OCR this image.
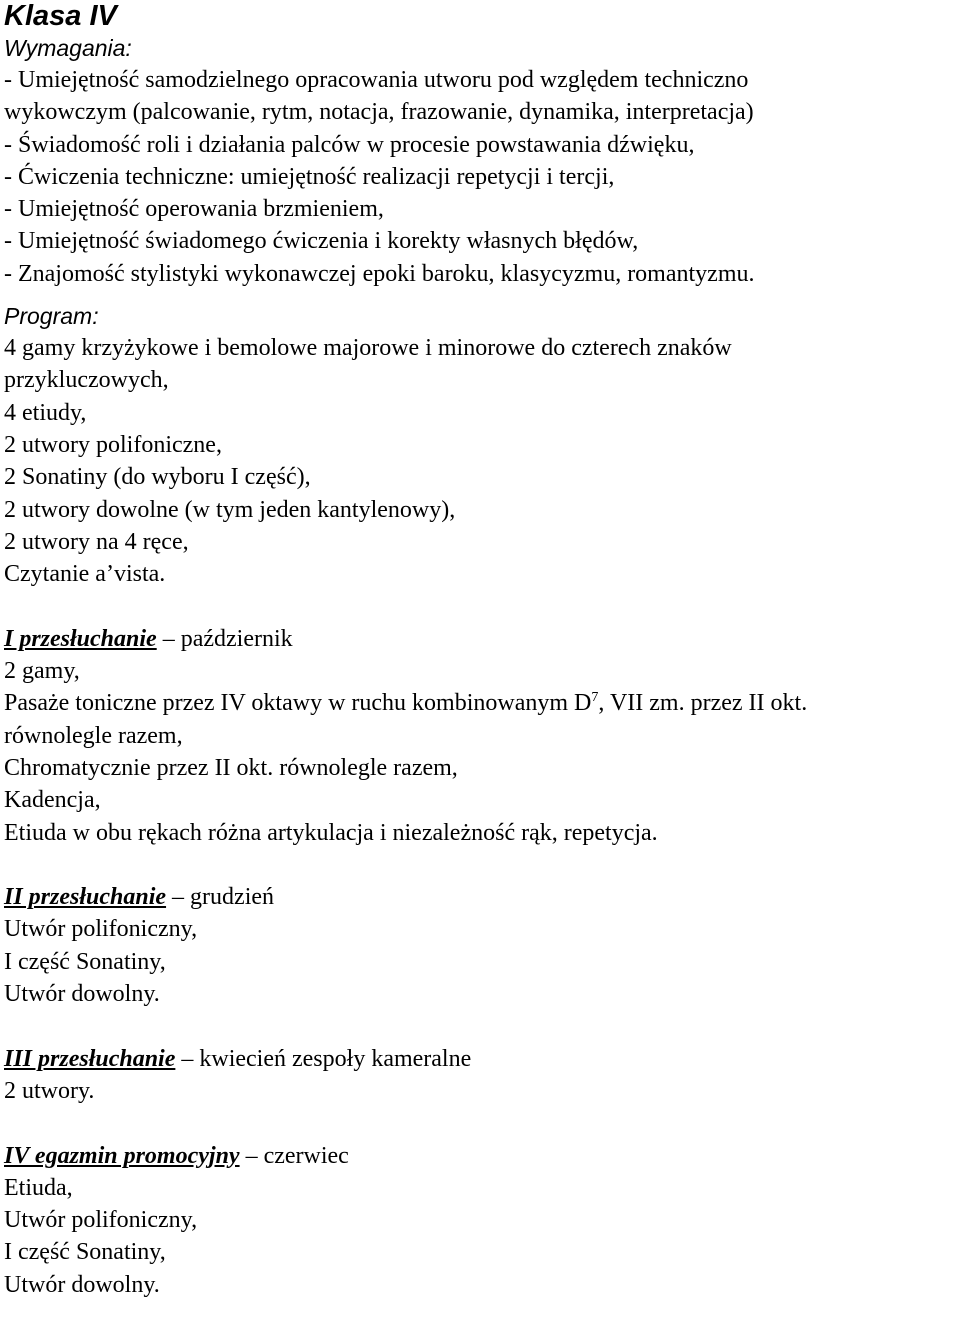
Klasa IV
Wymagania:
- Umiejętność samodzielnego opracowania utworu pod względem techniczno
wykowczym (palcowanie, rytm, notacja, frazowanie, dynamika, interpretacja)
- Świadomość roli i działania palców w procesie powstawania dźwięku,
- Ćwiczenia techniczne: umiejętność realizacji repetycji i tercji,
- Umiejętność operowania brzmieniem,
- Umiejętność świadomego ćwiczenia i korekty własnych błędów,
- Znajomość stylistyki wykonawczej epoki baroku, klasycyzmu, romantyzmu.
Program:
4 gamy krzyżykowe i bemolowe majorowe i minorowe do czterech znaków
przykluczowych,
4 etiudy,
2 utwory polifoniczne,
2 Sonatiny (do wyboru I część),
2 utwory dowolne (w tym jeden kantylenowy),
2 utwory na 4 ręce,
Czytanie a’vista.
I przesłuchanie – październik
2 gamy,
Pasaże toniczne przez IV oktawy w ruchu kombinowanym $D^7$, VII zm. przez II okt.
równolegle razem,
Chromatycznie przez II okt. równolegle razem,
Kadencja,
Etiuda w obu rękach różna artykulacja i niezależność rąk, repetycja.
II przesłuchanie – grudzień
Utwór polifoniczny,
I część Sonatiny,
Utwór dowolny.
III przesłuchanie – kwiecień zespoły kameralne
2 utwory.
IV egazmin promocyjny – czerwiec
Etiuda,
Utwór polifoniczny,
I część Sonatiny,
Utwór dowolny.
